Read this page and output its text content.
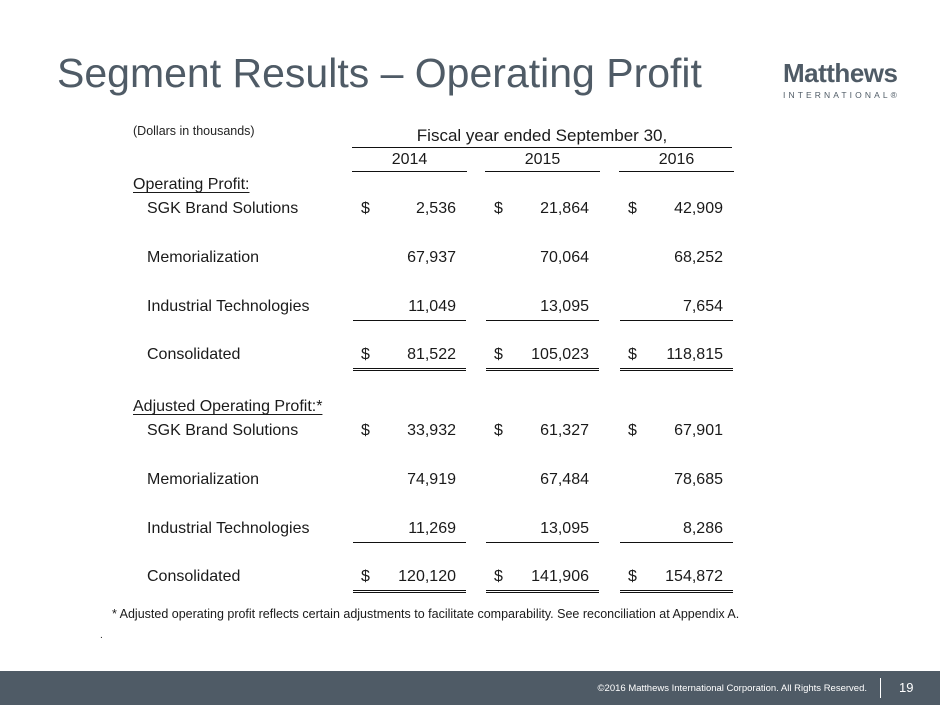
Segment Results – Operating Profit	Matthews
INTERNATIONAL®
(Dollars in thousands)	Fiscal year ended September 30,
2014	2015	2016
Operating Profit:
SGK Brand Solutions	$	2,536 $ 21,864 $ 42,909
Memorialization	67,937	70,064	68,252
Industrial Technologies	11,049	13,095	7,654
Consolidated	$ 81,522 $ 105,023 $ 118,815
Adjusted Operating Profit:*
SGK Brand Solutions	$ 33,932 $ 61,327 $ 67,901
Memorialization	74,919	67,484	78,685
Industrial Technologies	11,269	13,095	8,286
Consolidated	$ 120,120 $ 141,906 $ 154,872
* Adjusted operating profit reflects certain adjustments to facilitate comparability. See reconciliation at Appendix A.
.
©2016 Matthews International Corporation. All Rights Reserved. 19
